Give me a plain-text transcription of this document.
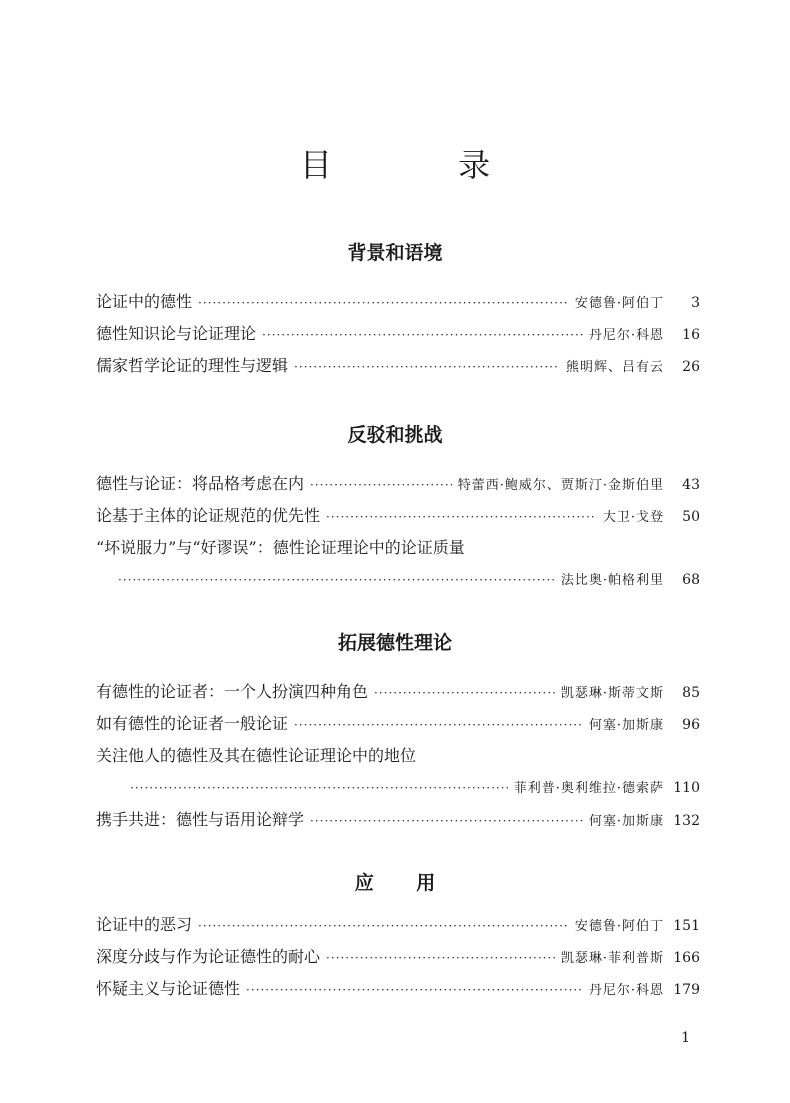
目 录
背景和语境
论证中的德性 ·····	安德鲁·阿伯丁	3
德性知识论与论证理论 ·····	丹尼尔·科恩	16
儒家哲学论证的理性与逻辑 ·····	熊明辉、吕有云	26
反驳和挑战
德性与论证：将品格考虑在内 ·····	特蕾西·鲍威尔、贾斯汀·金斯伯里	43
论基于主体的论证规范的优先性 ·····	大卫·戈登	50
“坏说服力”与“好谬误”：德性论证理论中的论证质量
·····
法比奥·帕格利里	68
拓展德性理论
有德性的论证者：一个人扮演四种角色 ·····	凯瑟琳·斯蒂文斯	85
如有德性的论证者一般论证 ·····	何塞·加斯康	96
关注他人的德性及其在德性论证理论中的地位
·····
菲利普·奥利维拉·德索萨 110
携手共进：德性与语用论辩学 ·····	何塞·加斯康 132
应 用
论证中的恶习 ·····	安德鲁·阿伯丁 151
深度分歧与作为论证德性的耐心 ·····	凯瑟琳·菲利普斯 166
怀疑主义与论证德性 ·····	丹尼尔·科恩 179
1
